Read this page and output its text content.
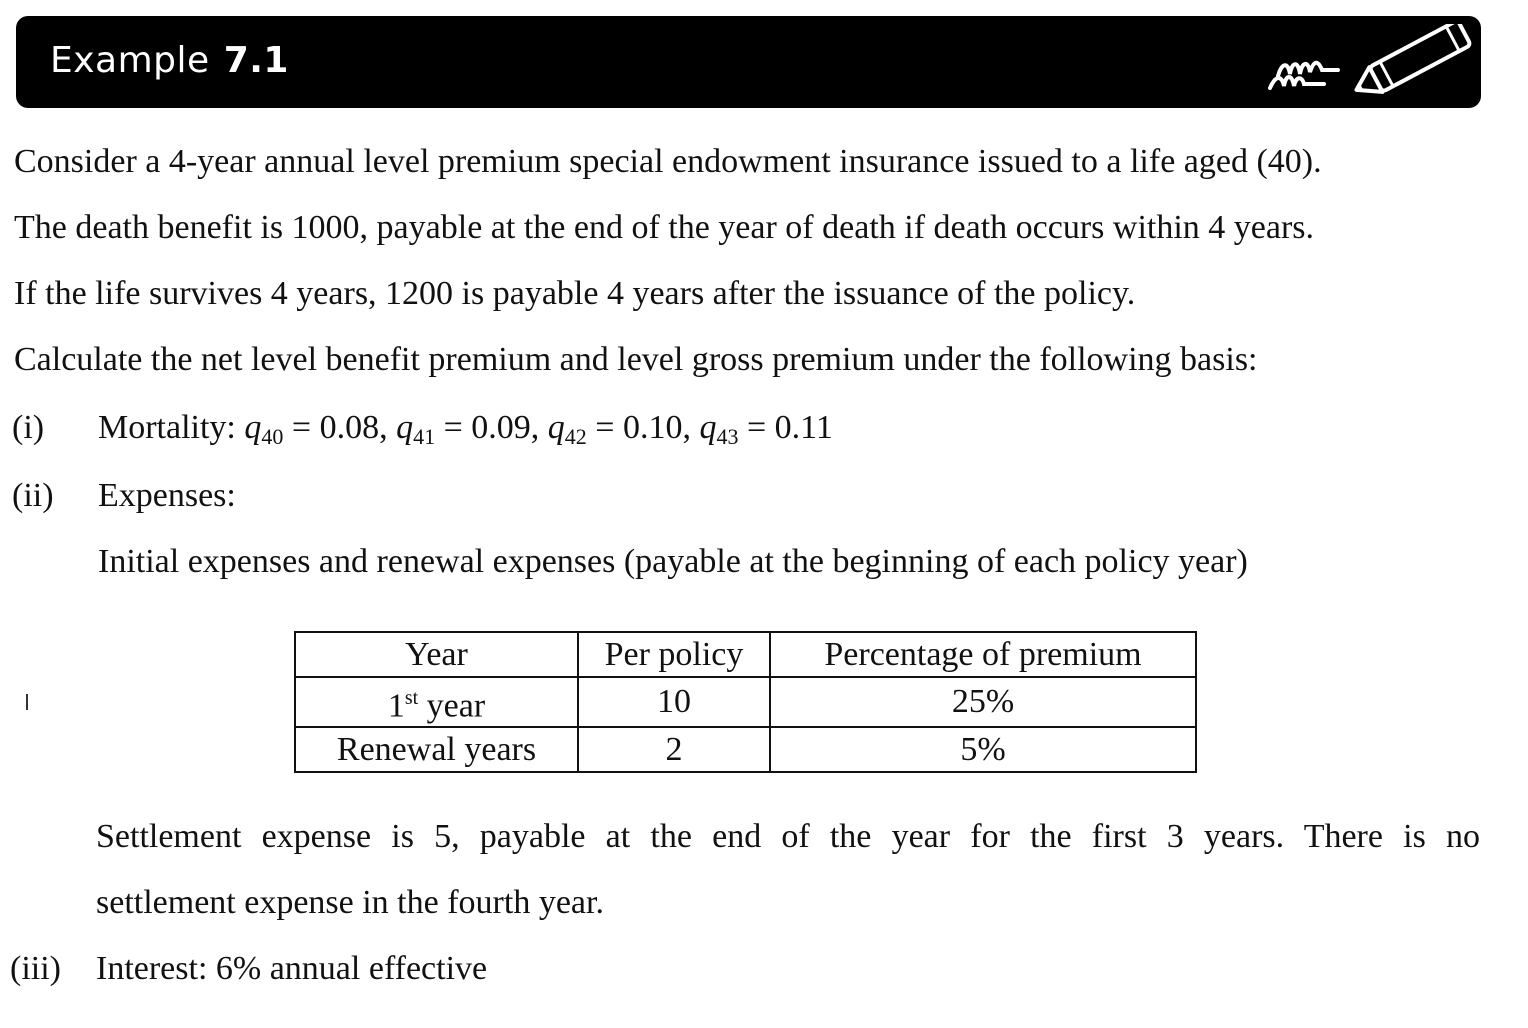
Example 7.1
Consider a 4-year annual level premium special endowment insurance issued to a life aged (40).
The death benefit is 1000, payable at the end of the year of death if death occurs within 4 years.
If the life survives 4 years, 1200 is payable 4 years after the issuance of the policy.
Calculate the net level benefit premium and level gross premium under the following basis:
(i) Mortality: $q_{40} = 0.08$, $q_{41} = 0.09$, $q_{42} = 0.10$, $q_{43} = 0.11$
(ii) Expenses:
Initial expenses and renewal expenses (payable at the beginning of each policy year)
Year	Per policy	Percentage of premium
1st year	10	25%
Renewal years	2	5%
Settlement expense is 5, payable at the end of the year for the first 3 years. There is no
settlement expense in the fourth year.
(iii) Interest: 6% annual effective
